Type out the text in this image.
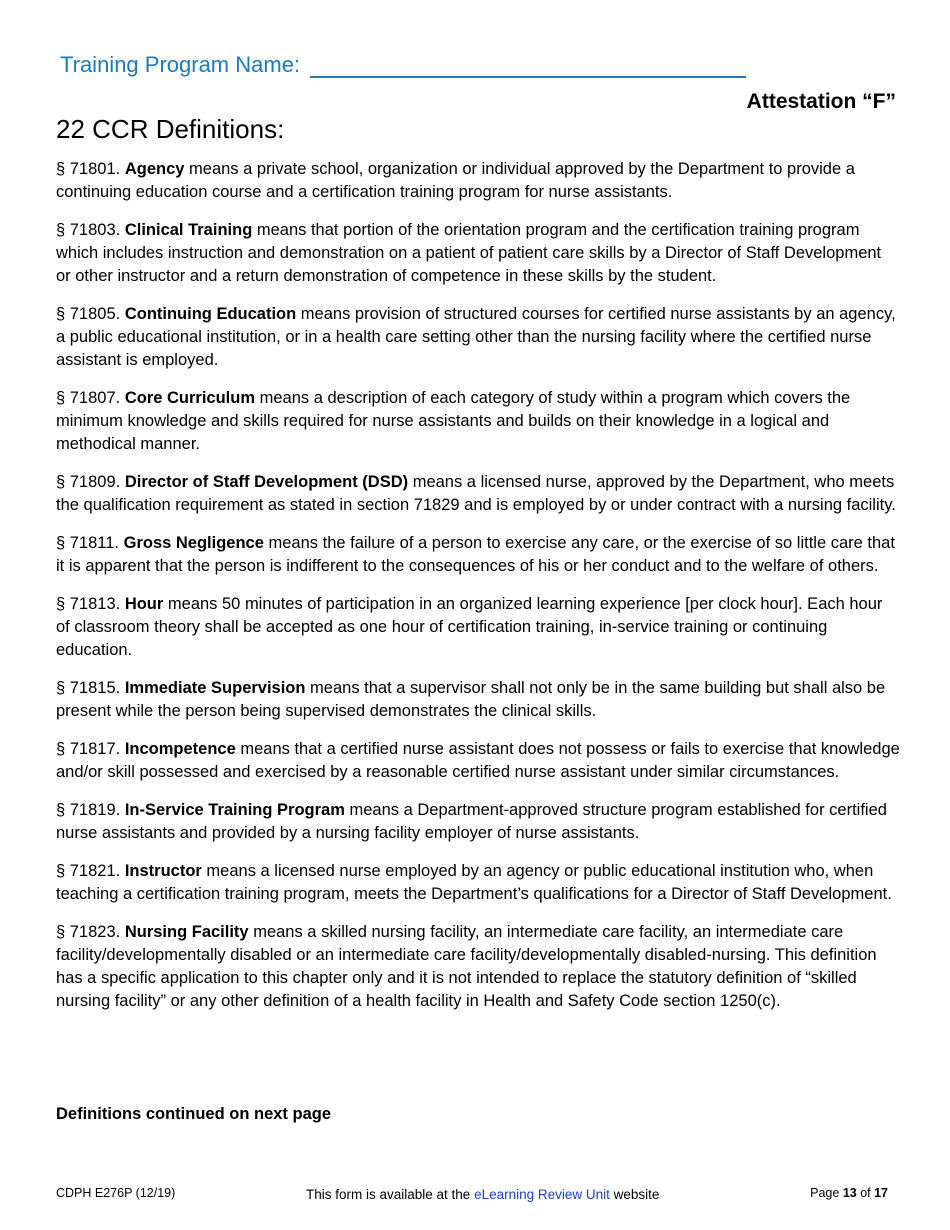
Training Program Name:
Attestation “F”
22 CCR Definitions:

§ 71801. Agency means a private school, organization or individual approved by the Department to provide a continuing education course and a certification training program for nurse assistants.

§ 71803. Clinical Training means that portion of the orientation program and the certification training program which includes instruction and demonstration on a patient of patient care skills by a Director of Staff Development or other instructor and a return demonstration of competence in these skills by the student.

§ 71805. Continuing Education means provision of structured courses for certified nurse assistants by an agency, a public educational institution, or in a health care setting other than the nursing facility where the certified nurse assistant is employed.

§ 71807. Core Curriculum means a description of each category of study within a program which covers the minimum knowledge and skills required for nurse assistants and builds on their knowledge in a logical and methodical manner.

§ 71809. Director of Staff Development (DSD) means a licensed nurse, approved by the Department, who meets the qualification requirement as stated in section 71829 and is employed by or under contract with a nursing facility.

§ 71811. Gross Negligence means the failure of a person to exercise any care, or the exercise of so little care that it is apparent that the person is indifferent to the consequences of his or her conduct and to the welfare of others.

§ 71813. Hour means 50 minutes of participation in an organized learning experience [per clock hour]. Each hour of classroom theory shall be accepted as one hour of certification training, in-service training or continuing education.

§ 71815. Immediate Supervision means that a supervisor shall not only be in the same building but shall also be present while the person being supervised demonstrates the clinical skills.

§ 71817. Incompetence means that a certified nurse assistant does not possess or fails to exercise that knowledge and/or skill possessed and exercised by a reasonable certified nurse assistant under similar circumstances.

§ 71819. In-Service Training Program means a Department-approved structure program established for certified nurse assistants and provided by a nursing facility employer of nurse assistants.

§ 71821. Instructor means a licensed nurse employed by an agency or public educational institution who, when teaching a certification training program, meets the Department’s qualifications for a Director of Staff Development.

§ 71823. Nursing Facility means a skilled nursing facility, an intermediate care facility, an intermediate care facility/developmentally disabled or an intermediate care facility/developmentally disabled-nursing. This definition has a specific application to this chapter only and it is not intended to replace the statutory definition of “skilled nursing facility” or any other definition of a health facility in Health and Safety Code section 1250(c).

Definitions continued on next page
CDPH E276P (12/19)	This form is available at the eLearning Review Unit website	Page 13 of 17
